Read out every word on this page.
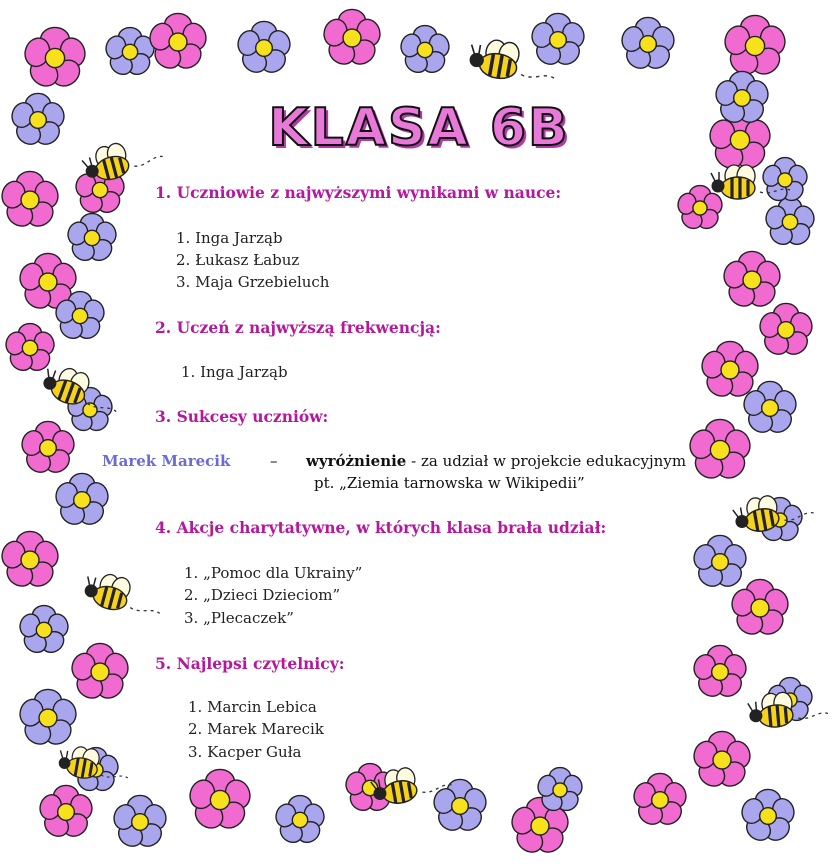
KLASA 6B
1. Uczniowie z najwyższymi wynikami w nauce:
1. Inga Jarząb
2. Łukasz Łabuz
3. Maja Grzebieluch
2. Uczeń z najwyższą frekwencją:
1. Inga Jarząb
3. Sukcesy uczniów:
Marek Marecik	– wyróżnienie - za udział w projekcie edukacyjnym
pt. „Ziemia tarnowska w Wikipedii”
4. Akcje charytatywne, w których klasa brała udział:
1. „Pomoc dla Ukrainy”
2. „Dzieci Dzieciom”
3. „Plecaczek”
5. Najlepsi czytelnicy:
1. Marcin Lebica
2. Marek Marecik
3. Kacper Guła
